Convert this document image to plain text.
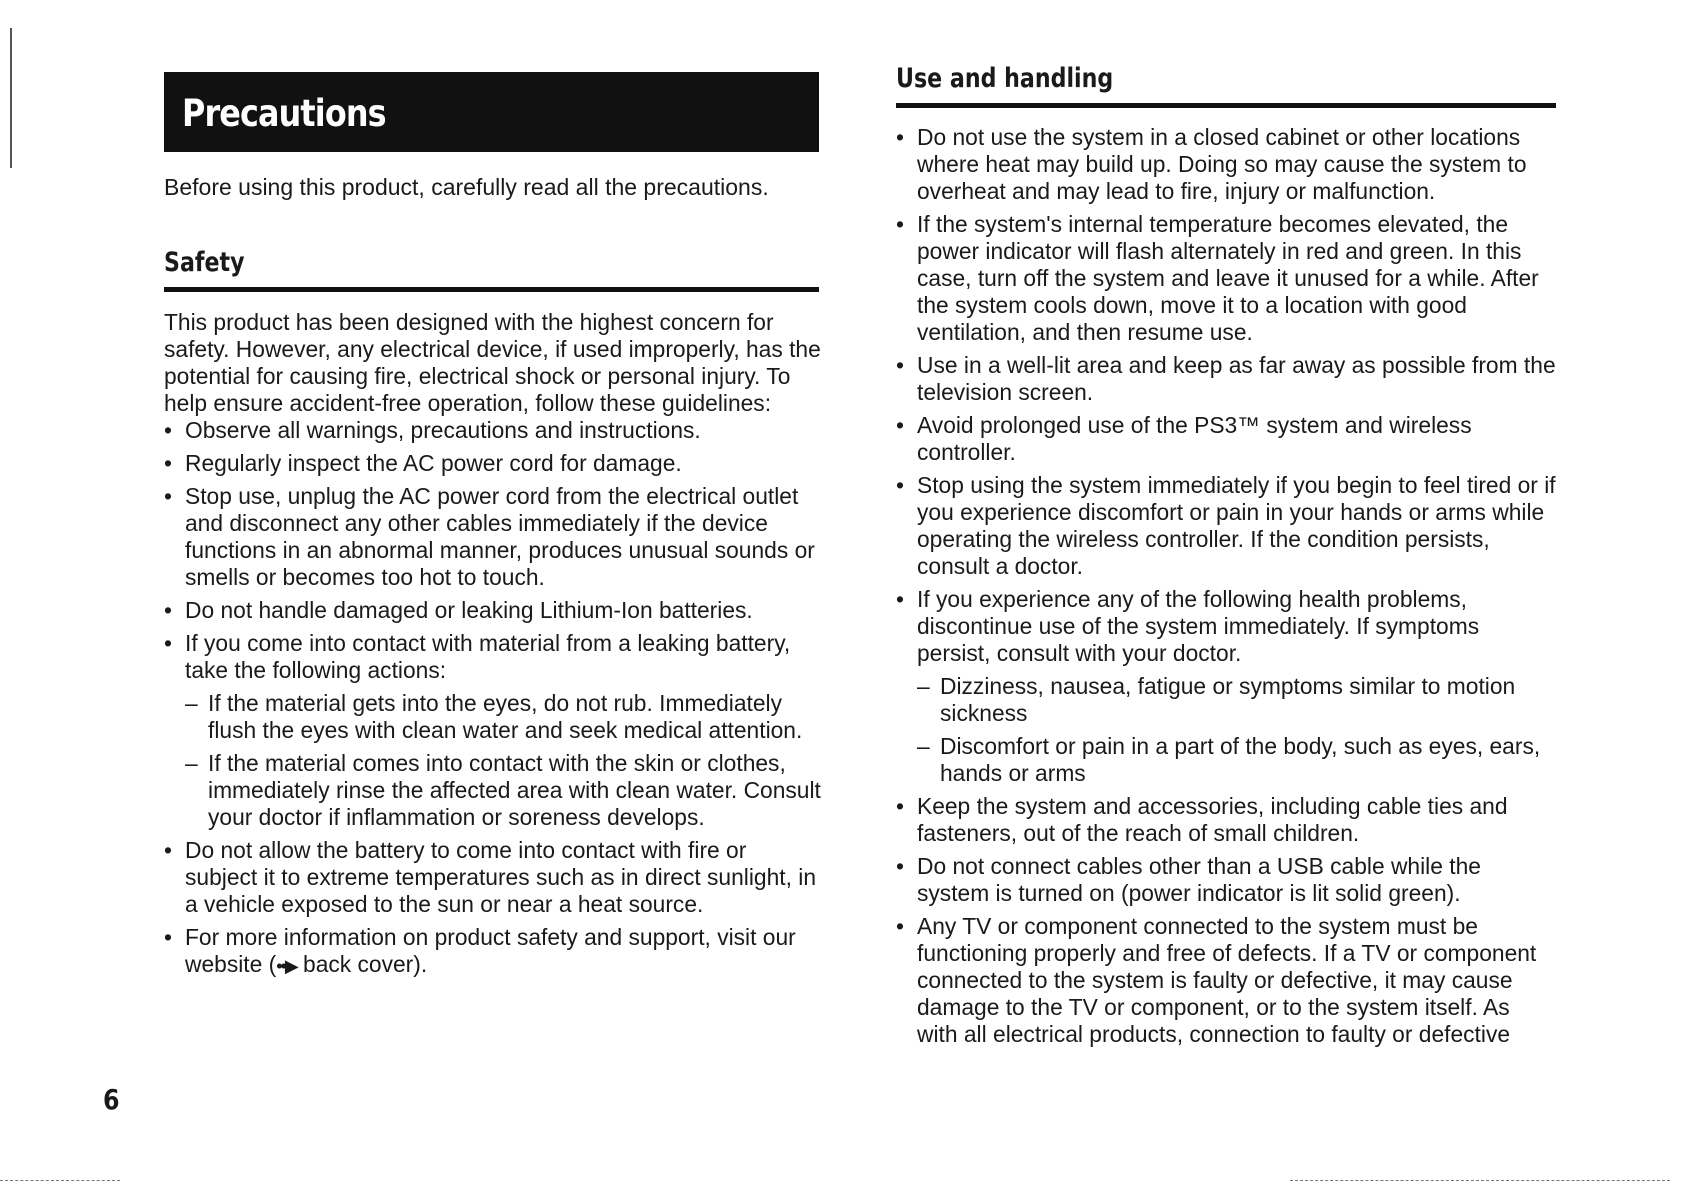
Precautions
Before using this product, carefully read all the precautions.
Safety

This product has been designed with the highest concern for safety. However, any electrical device, if used improperly, has the potential for causing fire, electrical shock or personal injury. To help ensure accident-free operation, follow these guidelines:

• Observe all warnings, precautions and instructions.
• Regularly inspect the AC power cord for damage.
• Stop use, unplug the AC power cord from the electrical outlet and disconnect any other cables immediately if the device functions in an abnormal manner, produces unusual sounds or smells or becomes too hot to touch.
• Do not handle damaged or leaking Lithium-Ion batteries.
• If you come into contact with material from a leaking battery, take the following actions:
– If the material gets into the eyes, do not rub. Immediately flush the eyes with clean water and seek medical attention.
– If the material comes into contact with the skin or clothes, immediately rinse the affected area with clean water. Consult your doctor if inflammation or soreness develops.
• Do not allow the battery to come into contact with fire or subject it to extreme temperatures such as in direct sunlight, in a vehicle exposed to the sun or near a heat source.
• For more information on product safety and support, visit our website (••▶ back cover).
Use and handling
• Do not use the system in a closed cabinet or other locations where heat may build up. Doing so may cause the system to overheat and may lead to fire, injury or malfunction.
• If the system's internal temperature becomes elevated, the power indicator will flash alternately in red and green. In this case, turn off the system and leave it unused for a while. After the system cools down, move it to a location with good ventilation, and then resume use.
• Use in a well-lit area and keep as far away as possible from the television screen.
• Avoid prolonged use of the PS3™ system and wireless controller.
• Stop using the system immediately if you begin to feel tired or if you experience discomfort or pain in your hands or arms while operating the wireless controller. If the condition persists, consult a doctor.
• If you experience any of the following health problems, discontinue use of the system immediately. If symptoms persist, consult with your doctor.
– Dizziness, nausea, fatigue or symptoms similar to motion sickness
– Discomfort or pain in a part of the body, such as eyes, ears, hands or arms
• Keep the system and accessories, including cable ties and fasteners, out of the reach of small children.
• Do not connect cables other than a USB cable while the system is turned on (power indicator is lit solid green).
• Any TV or component connected to the system must be functioning properly and free of defects. If a TV or component connected to the system is faulty or defective, it may cause damage to the TV or component, or to the system itself. As with all electrical products, connection to faulty or defective
6
